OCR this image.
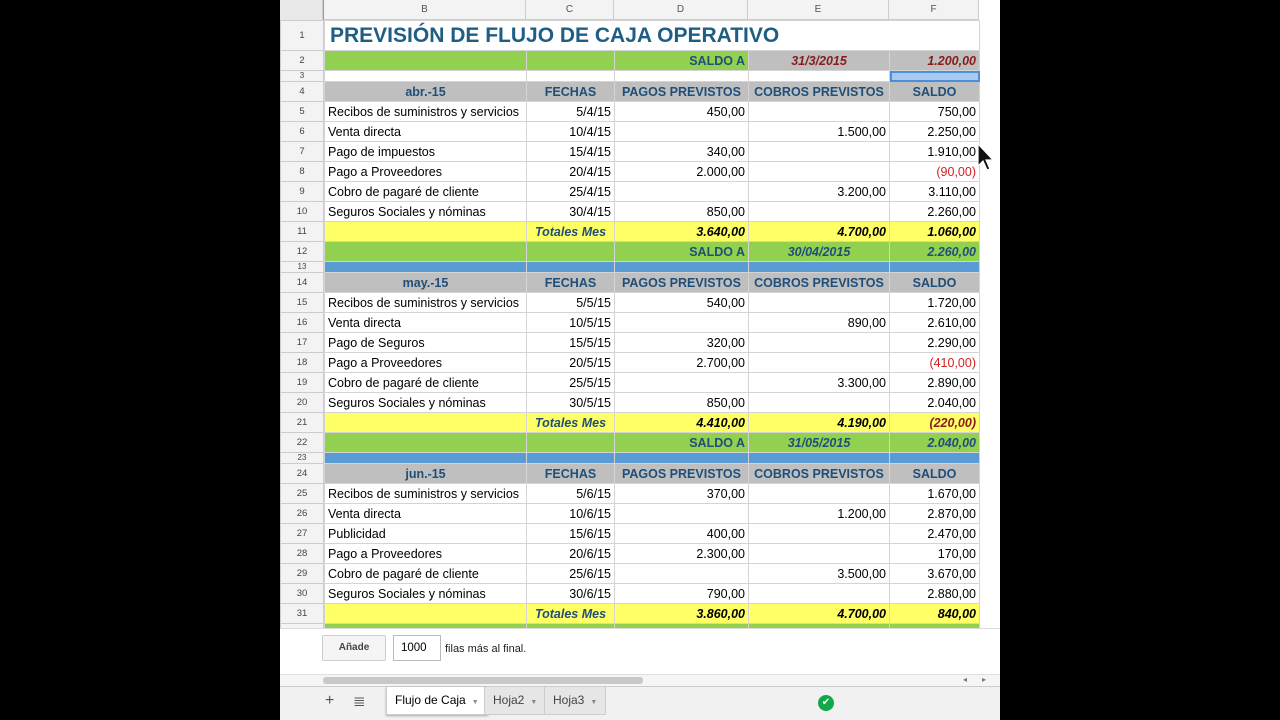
B	C	D	E	F
1		PREVISIÓN DE FLUJO DE CAJA OPERATIVO				
2				SALDO A	31/3/2015	1.200,00
3						
4		abr.-15	FECHAS	PAGOS PREVISTOS	COBROS PREVISTOS	SALDO
5		Recibos de suministros y servicios	5/4/15	450,00		750,00
6		Venta directa	10/4/15		1.500,00	2.250,00
7		Pago de impuestos	15/4/15	340,00		1.910,00
8		Pago a Proveedores	20/4/15	2.000,00		(90,00)
9		Cobro de pagaré de cliente	25/4/15		3.200,00	3.110,00
10		Seguros Sociales y nóminas	30/4/15	850,00		2.260,00
11			Totales Mes	3.640,00	4.700,00	1.060,00
12				SALDO A	30/04/2015	2.260,00
13						
14		may.-15	FECHAS	PAGOS PREVISTOS	COBROS PREVISTOS	SALDO
15		Recibos de suministros y servicios	5/5/15	540,00		1.720,00
16		Venta directa	10/5/15		890,00	2.610,00
17		Pago de Seguros	15/5/15	320,00		2.290,00
18		Pago a Proveedores	20/5/15	2.700,00		(410,00)
19		Cobro de pagaré de cliente	25/5/15		3.300,00	2.890,00
20		Seguros Sociales y nóminas	30/5/15	850,00		2.040,00
21			Totales Mes	4.410,00	4.190,00	(220,00)
22				SALDO A	31/05/2015	2.040,00
23						
24		jun.-15	FECHAS	PAGOS PREVISTOS	COBROS PREVISTOS	SALDO
25		Recibos de suministros y servicios	5/6/15	370,00		1.670,00
26		Venta directa	10/6/15		1.200,00	2.870,00
27		Publicidad	15/6/15	400,00		2.470,00
28		Pago a Proveedores	20/6/15	2.300,00		170,00
29		Cobro de pagaré de cliente	25/6/15		3.500,00	3.670,00
30		Seguros Sociales y nóminas	30/6/15	790,00		2.880,00
31			Totales Mes	3.860,00	4.700,00	840,00

Añade	1000	filas más al final.
◂ ▸
+ ≣	Flujo de Caja ▼	Hoja2 ▼	Hoja3 ▼	✔
